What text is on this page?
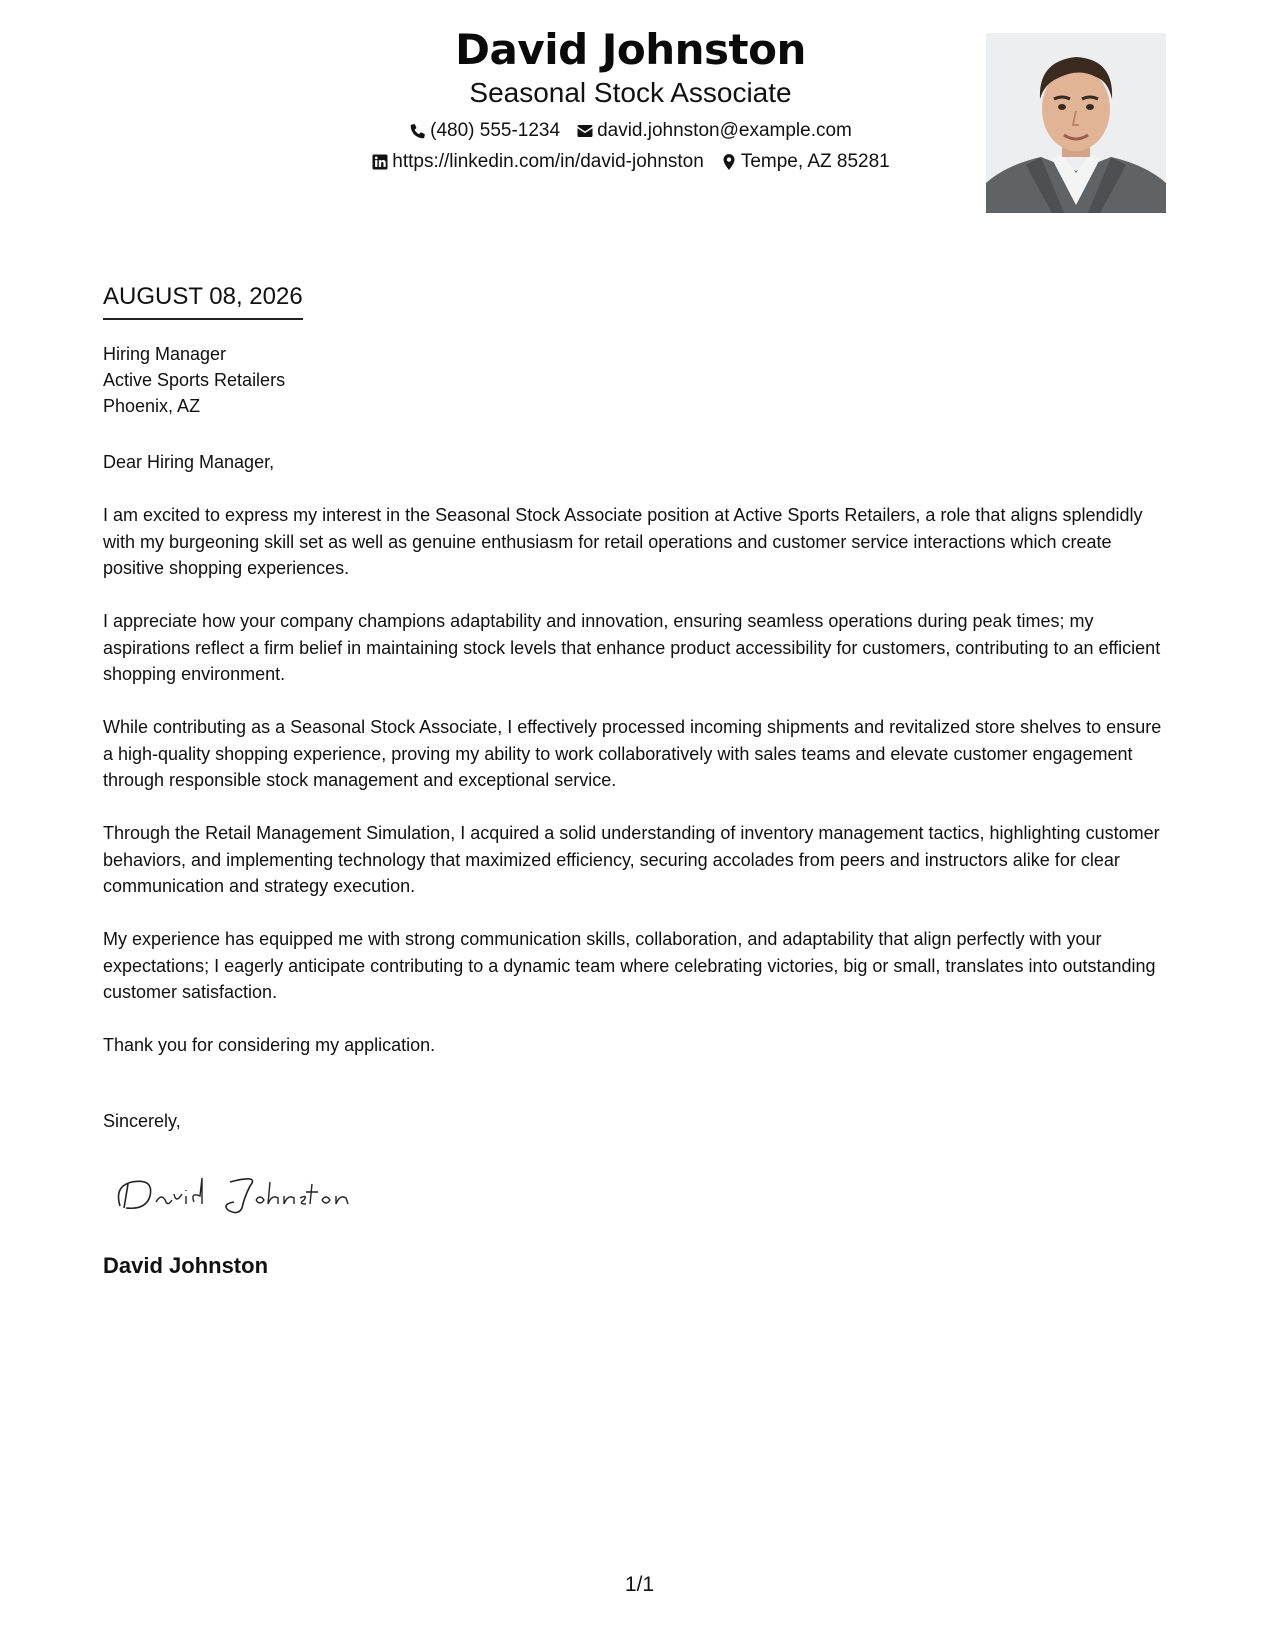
David Johnston
Seasonal Stock Associate
(480) 555-1234 david.johnston@example.com
https://linkedin.com/in/david-johnston Tempe, AZ 85281
AUGUST 08, 2026
Hiring Manager
Active Sports Retailers
Phoenix, AZ

Dear Hiring Manager,

I am excited to express my interest in the Seasonal Stock Associate position at Active Sports Retailers, a role that aligns splendidly with my burgeoning skill set as well as genuine enthusiasm for retail operations and customer service interactions which create positive shopping experiences.

I appreciate how your company champions adaptability and innovation, ensuring seamless operations during peak times; my aspirations reflect a firm belief in maintaining stock levels that enhance product accessibility for customers, contributing to an efficient shopping environment.

While contributing as a Seasonal Stock Associate, I effectively processed incoming shipments and revitalized store shelves to ensure a high-quality shopping experience, proving my ability to work collaboratively with sales teams and elevate customer engagement through responsible stock management and exceptional service.

Through the Retail Management Simulation, I acquired a solid understanding of inventory management tactics, highlighting customer behaviors, and implementing technology that maximized efficiency, securing accolades from peers and instructors alike for clear communication and strategy execution.

My experience has equipped me with strong communication skills, collaboration, and adaptability that align perfectly with your expectations; I eagerly anticipate contributing to a dynamic team where celebrating victories, big or small, translates into outstanding customer satisfaction.

Thank you for considering my application.

Sincerely,
David Johnston
1/1
